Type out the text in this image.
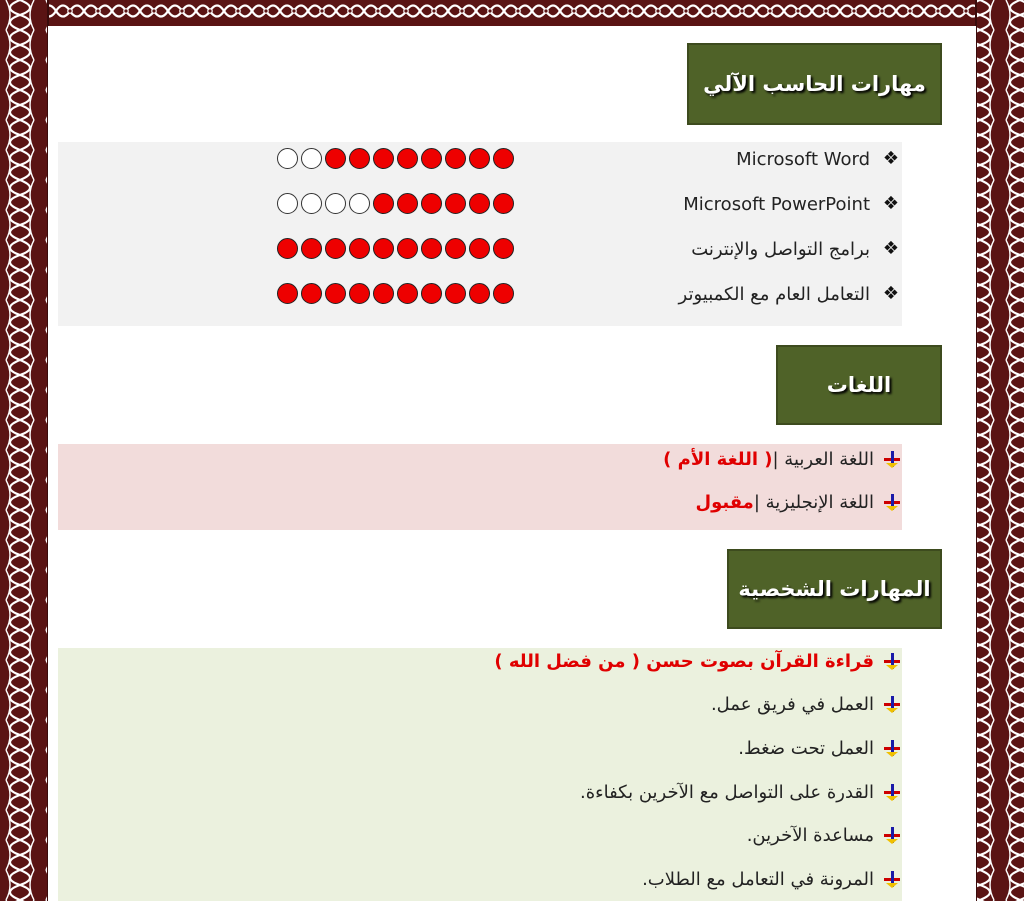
مهارات الحاسب الآلي
❖
Microsoft Word
❖
Microsoft PowerPoint
❖
برامج التواصل والإنترنت
❖
التعامل العام مع الكمبيوتر
اللغات
اللغة العربية |
( اللغة الأم )
اللغة الإنجليزية |
مقبول
المهارات الشخصية
قراءة القرآن بصوت حسن ( من فضل الله )
العمل في فريق عمل.
العمل تحت ضغط.
القدرة على التواصل مع الآخرين بكفاءة.
مساعدة الآخرين.
المرونة في التعامل مع الطلاب.
